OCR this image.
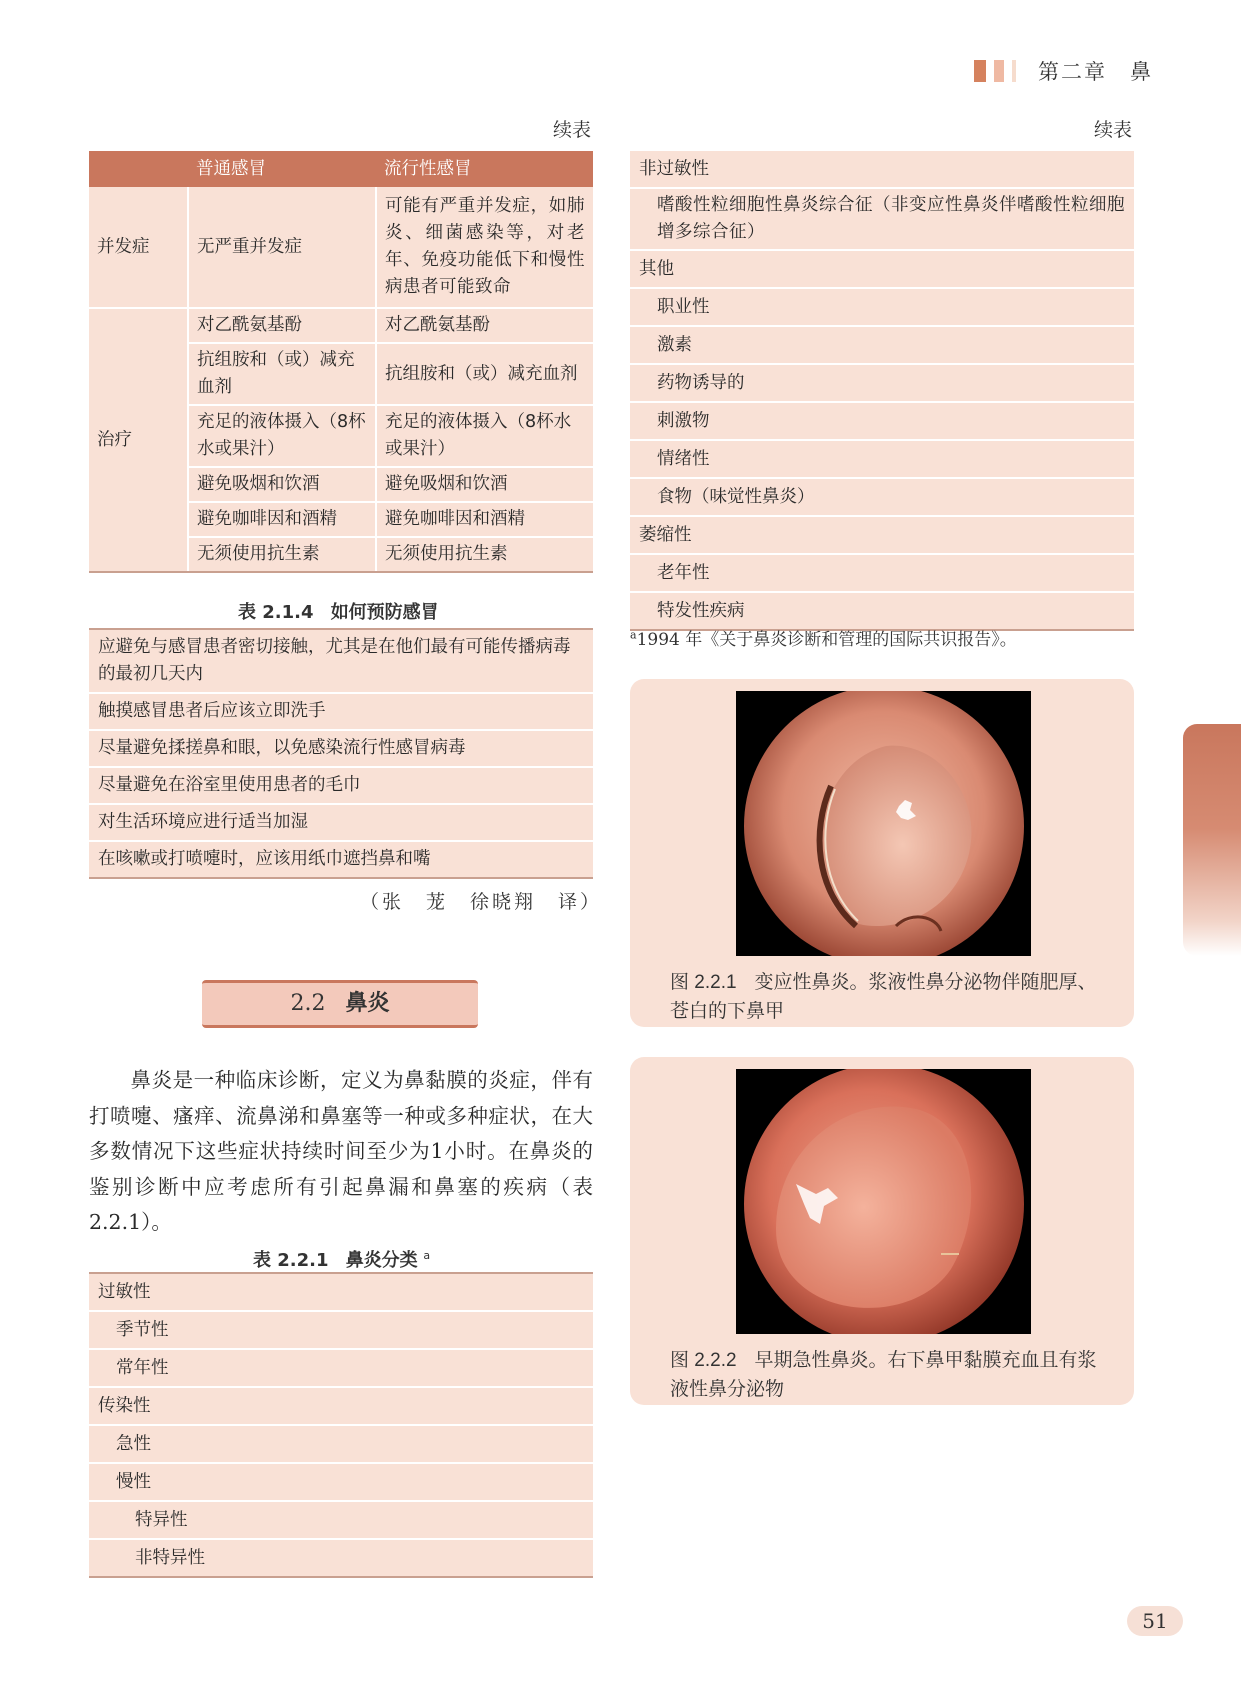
第二章　鼻
续表
	普通感冒	流行性感冒
并发症	无严重并发症	可能有严重并发症，如肺炎、细菌感染等，对老年、免疫功能低下和慢性病患者可能致命
治疗	对乙酰氨基酚	对乙酰氨基酚
	抗组胺和（或）减充血剂	抗组胺和（或）减充血剂
	充足的液体摄入（8杯水或果汁）	充足的液体摄入（8杯水或果汁）
	避免吸烟和饮酒	避免吸烟和饮酒
	避免咖啡因和酒精	避免咖啡因和酒精
	无须使用抗生素	无须使用抗生素
表 2.1.4 如何预防感冒
应避免与感冒患者密切接触，尤其是在他们最有可能传播病毒的最初几天内
触摸感冒患者后应该立即洗手
尽量避免揉搓鼻和眼，以免感染流行性感冒病毒
尽量避免在浴室里使用患者的毛巾
对生活环境应进行适当加湿
在咳嗽或打喷嚏时，应该用纸巾遮挡鼻和嘴
（张　茏　徐晓翔　译）
2.2 鼻炎
鼻炎是一种临床诊断，定义为鼻黏膜的炎症，伴有打喷嚏、瘙痒、流鼻涕和鼻塞等一种或多种症状，在大多数情况下这些症状持续时间至少为1小时。在鼻炎的鉴别诊断中应考虑所有引起鼻漏和鼻塞的疾病（表2.2.1）。
表 2.2.1 鼻炎分类 $^a$
过敏性
季节性
常年性
传染性
急性
慢性
特异性
非特异性
续表
非过敏性
嗜酸性粒细胞性鼻炎综合征（非变应性鼻炎伴嗜酸性粒细胞增多综合征）
其他
职业性
激素
药物诱导的
刺激物
情绪性
食物（味觉性鼻炎）
萎缩性
老年性
特发性疾病
$^a$1994 年《关于鼻炎诊断和管理的国际共识报告》。
图 2.2.1 变应性鼻炎。浆液性鼻分泌物伴随肥厚、苍白的下鼻甲
图 2.2.2 早期急性鼻炎。右下鼻甲黏膜充血且有浆液性鼻分泌物
51
